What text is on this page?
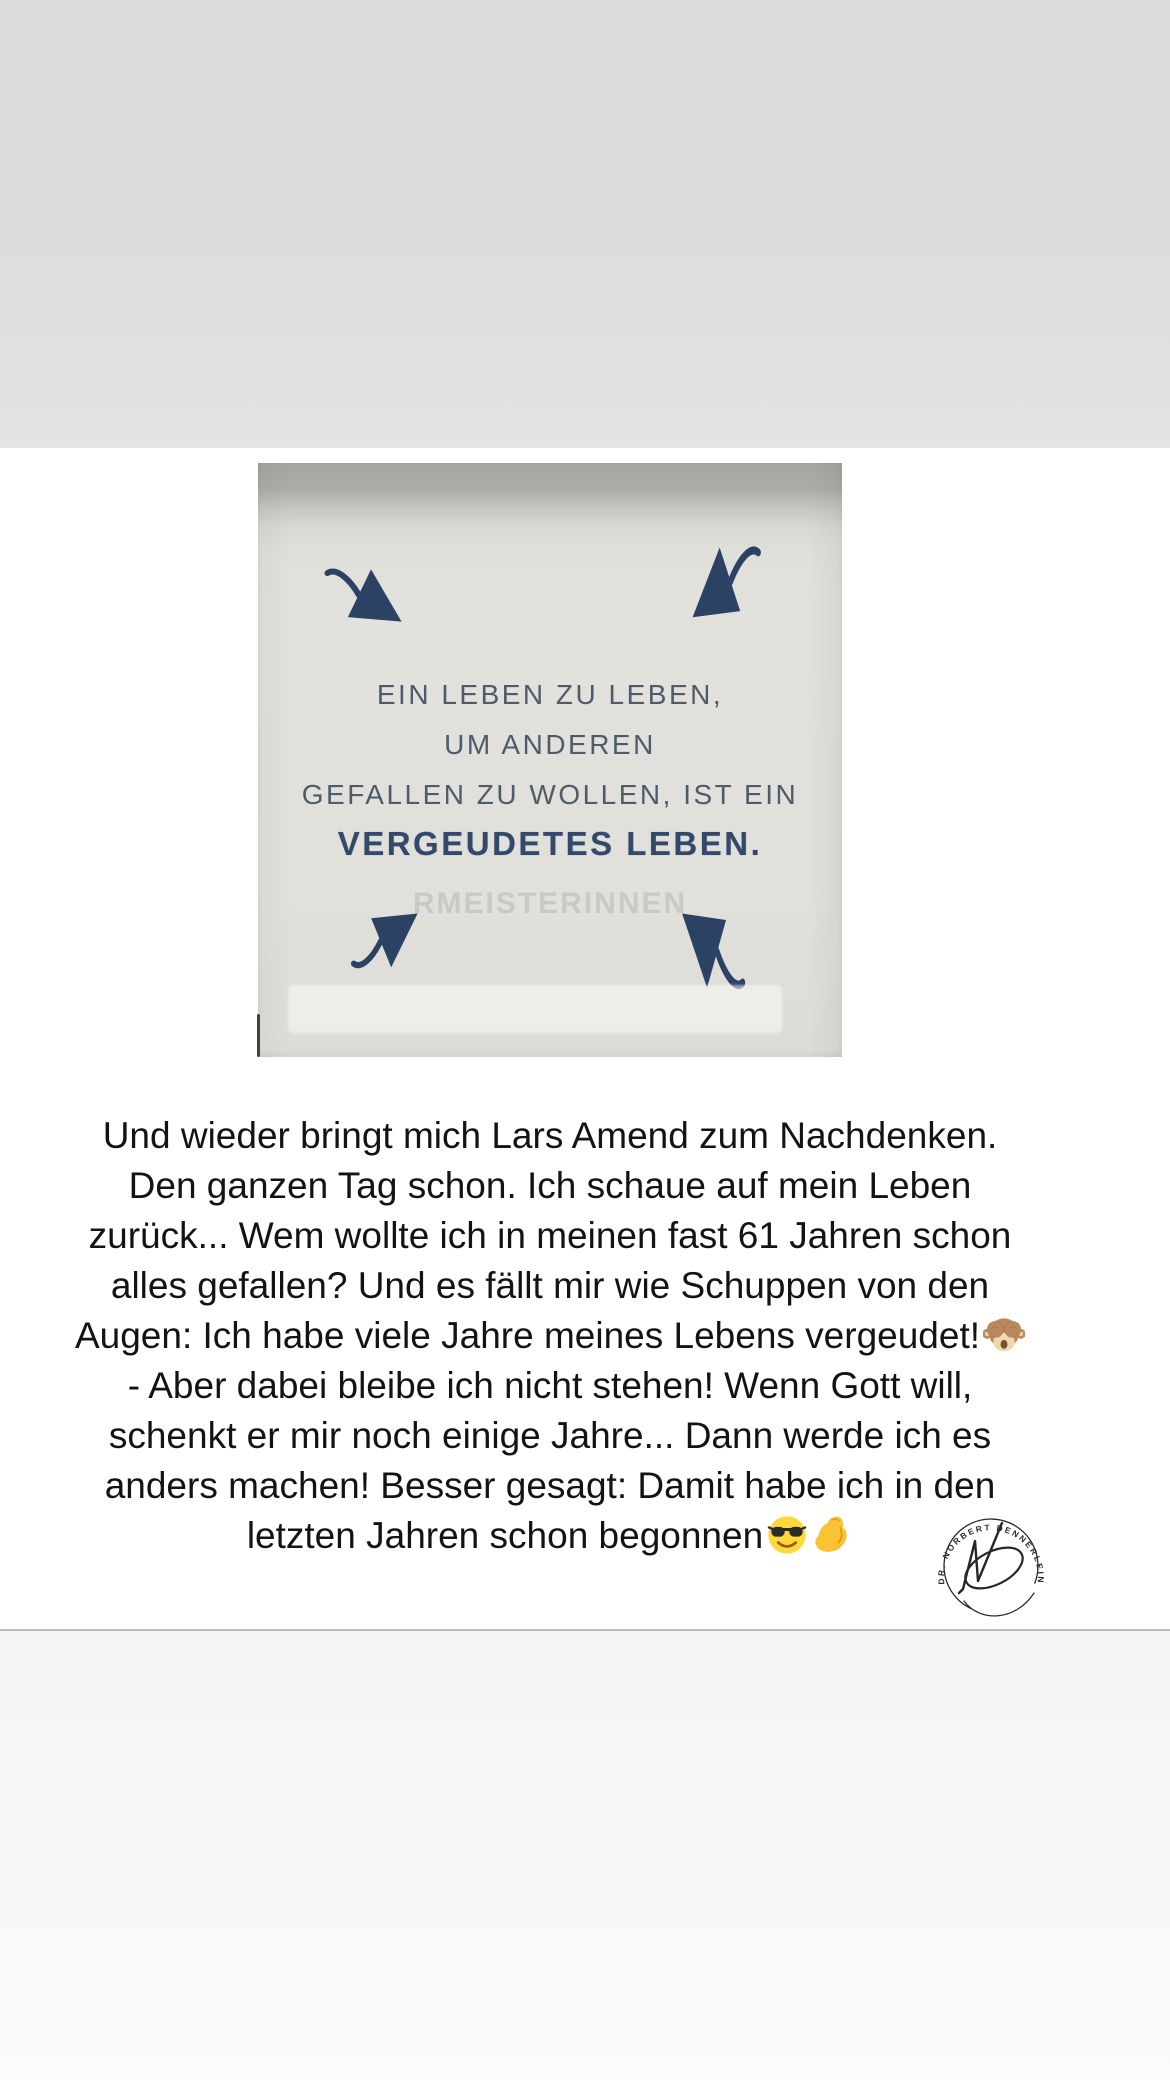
EIN LEBEN ZU LEBEN,
UM ANDEREN
GEFALLEN ZU WOLLEN, IST EIN
VERGEUDETES LEBEN.
RMEISTERINNEN
Und wieder bringt mich Lars Amend zum Nachdenken.
Den ganzen Tag schon. Ich schaue auf mein Leben
zurück... Wem wollte ich in meinen fast 61 Jahren schon
alles gefallen? Und es fällt mir wie Schuppen von den
Augen: Ich habe viele Jahre meines Lebens vergeudet!
- Aber dabei bleibe ich nicht stehen! Wenn Gott will,
schenkt er mir noch einige Jahre... Dann werde ich es
anders machen! Besser gesagt: Damit habe ich in den
letzten Jahren schon begonnen
DR. NORBERT DENNERLEIN
